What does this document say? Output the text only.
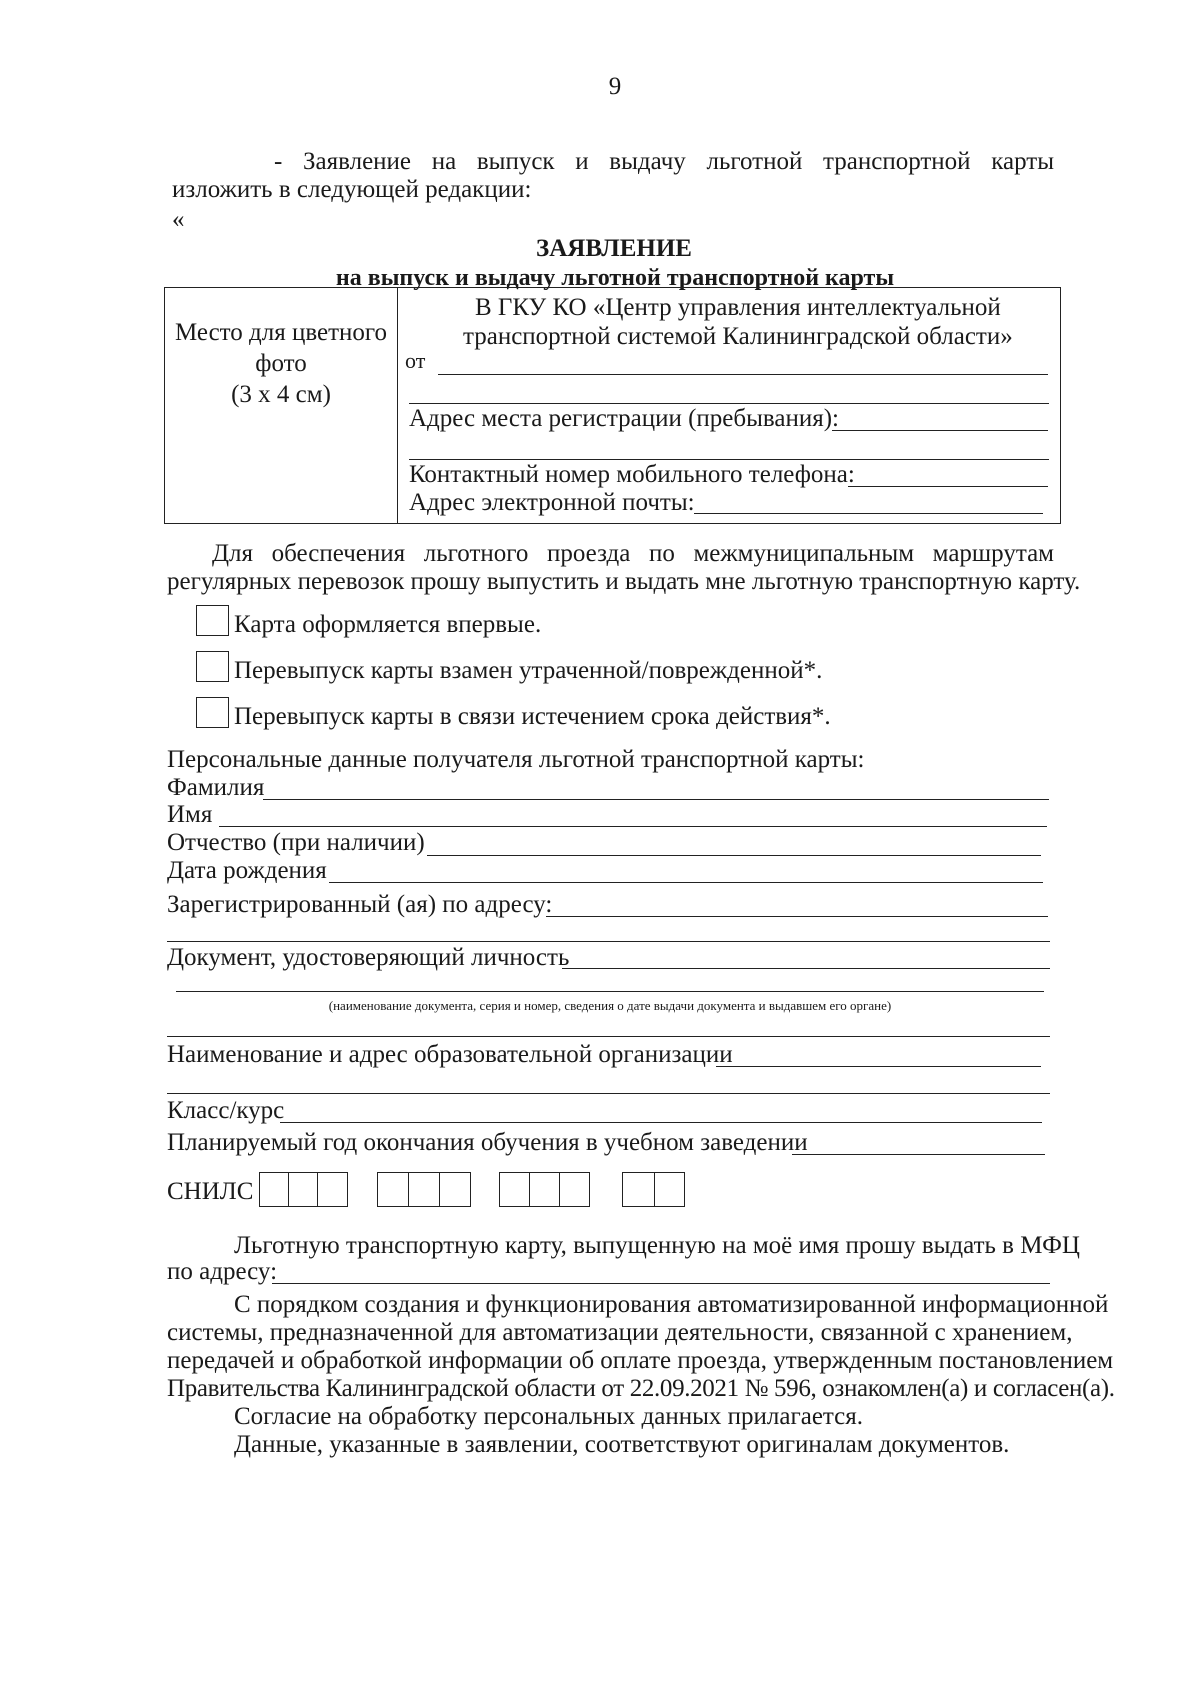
9
- Заявление на выпуск и выдачу льготной транспортной карты
изложить в следующей редакции:
«
ЗАЯВЛЕНИЕ
на выпуск и выдачу льготной транспортной карты
Место для цветного
фото
(3 х 4 см)
В ГКУ КО «Центр управления интеллектуальной
транспортной системой Калининградской области»
от
Адрес места регистрации (пребывания):
Контактный номер мобильного телефона:
Адрес электронной почты:
Для обеспечения льготного проезда по межмуниципальным маршрутам
регулярных перевозок прошу выпустить и выдать мне льготную транспортную карту.
Карта оформляется впервые.
Перевыпуск карты взамен утраченной/поврежденной*.
Перевыпуск карты в связи истечением срока действия*.
Персональные данные получателя льготной транспортной карты:
Фамилия
Имя
Отчество (при наличии)
Дата рождения
Зарегистрированный (ая) по адресу:
Документ, удостоверяющий личность
(наименование документа, серия и номер, сведения о дате выдачи документа и выдавшем его органе)
Наименование и адрес образовательной организации
Класс/курс
Планируемый год окончания обучения в учебном заведении
СНИЛС
Льготную транспортную карту, выпущенную на моё имя прошу выдать в МФЦ
по адресу:
С порядком создания и функционирования автоматизированной информационной
системы, предназначенной для автоматизации деятельности, связанной с хранением,
передачей и обработкой информации об оплате проезда, утвержденным постановлением
Правительства Калининградской области от 22.09.2021 № 596, ознакомлен(а) и согласен(а).
Согласие на обработку персональных данных прилагается.
Данные, указанные в заявлении, соответствуют оригиналам документов.
